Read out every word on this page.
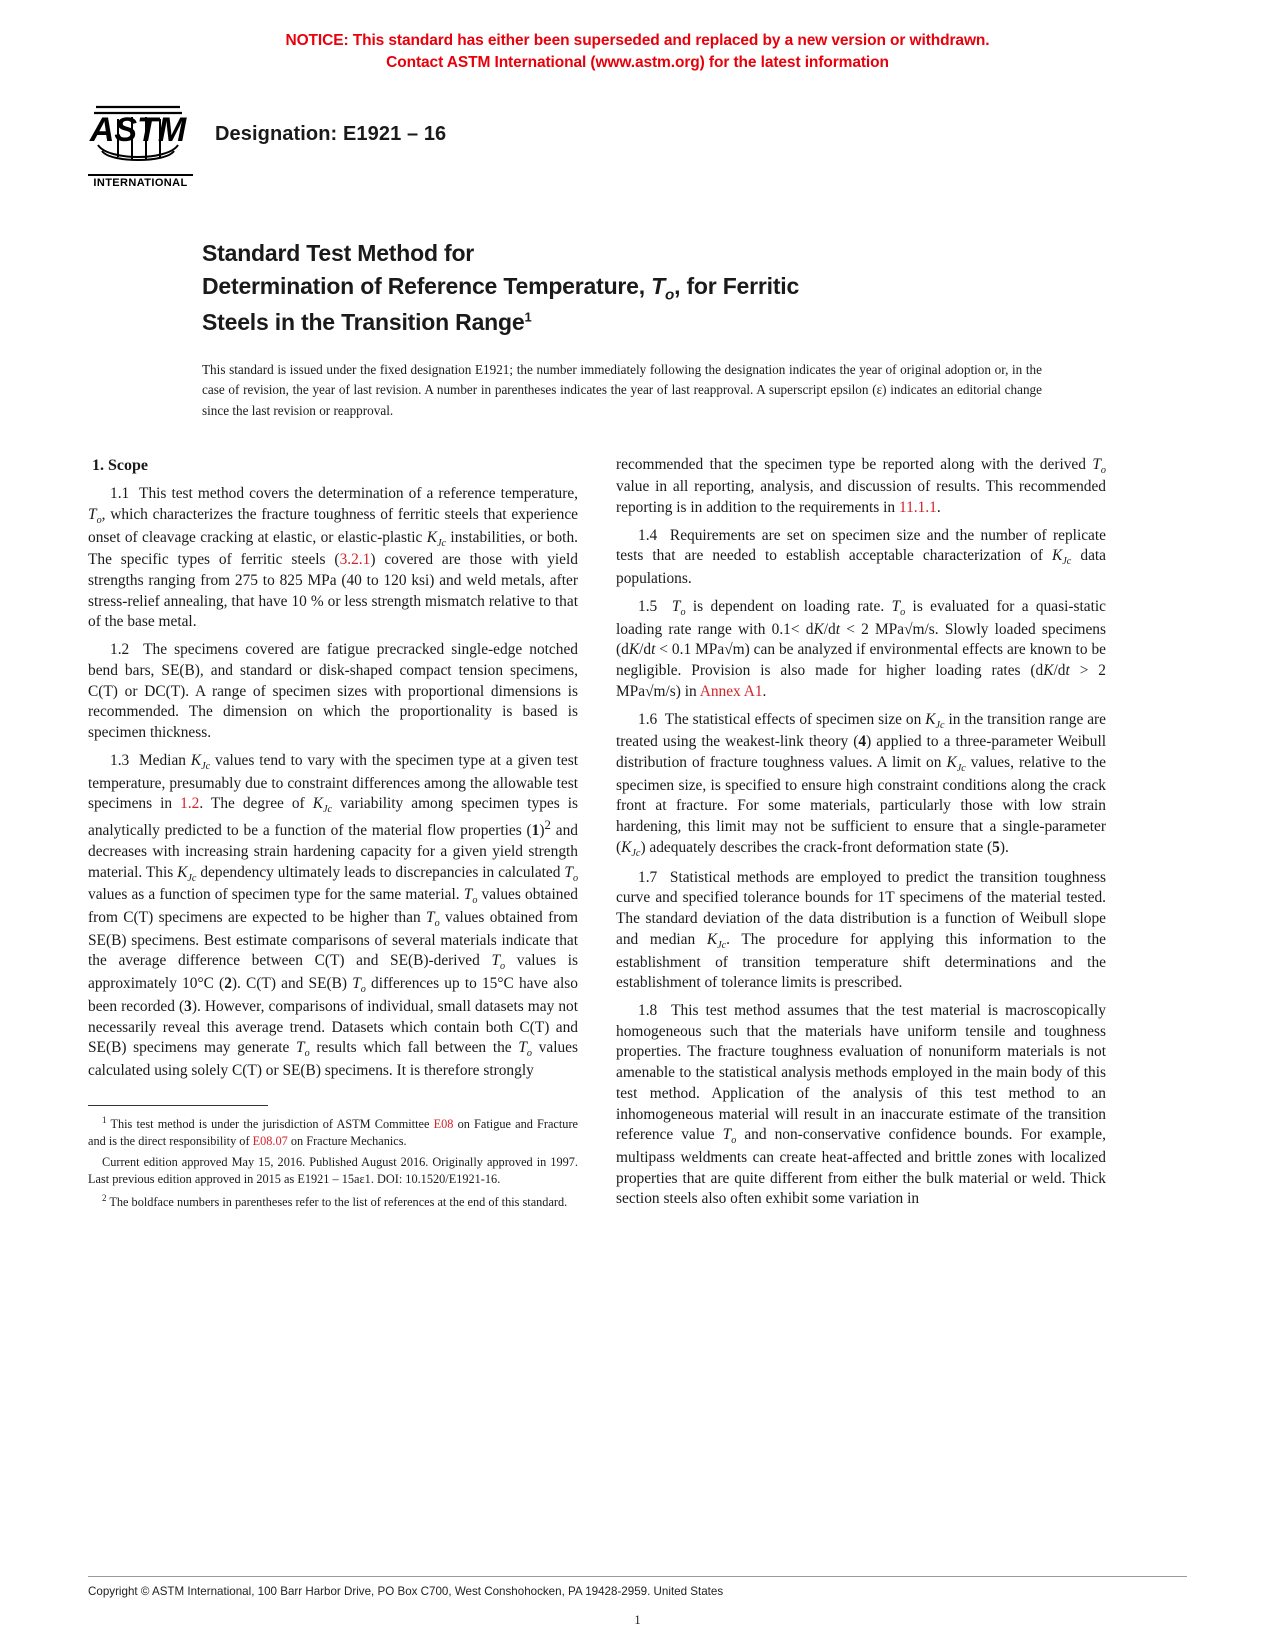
NOTICE: This standard has either been superseded and replaced by a new version or withdrawn.
Contact ASTM International (www.astm.org) for the latest information
ASTM
INTERNATIONAL
Designation: E1921 – 16
Standard Test Method for
Determination of Reference Temperature, $T_o$, for Ferritic
Steels in the Transition Range$^1$
This standard is issued under the fixed designation E1921; the number immediately following the designation indicates the year of original adoption or, in the case of revision, the year of last revision. A number in parentheses indicates the year of last reapproval. A superscript epsilon (ε) indicates an editorial change since the last revision or reapproval.
1. Scope

1.1  This test method covers the determination of a reference temperature, $T_o$, which characterizes the fracture toughness of ferritic steels that experience onset of cleavage cracking at elastic, or elastic-plastic $K_{Jc}$ instabilities, or both. The specific types of ferritic steels (3.2.1) covered are those with yield strengths ranging from 275 to 825 MPa (40 to 120 ksi) and weld metals, after stress-relief annealing, that have 10 % or less strength mismatch relative to that of the base metal.

1.2  The specimens covered are fatigue precracked single-edge notched bend bars, SE(B), and standard or disk-shaped compact tension specimens, C(T) or DC(T). A range of specimen sizes with proportional dimensions is recommended. The dimension on which the proportionality is based is specimen thickness.

1.3  Median $K_{Jc}$ values tend to vary with the specimen type at a given test temperature, presumably due to constraint differences among the allowable test specimens in 1.2. The degree of $K_{Jc}$ variability among specimen types is analytically predicted to be a function of the material flow properties $(1)^2$ and decreases with increasing strain hardening capacity for a given yield strength material. This $K_{Jc}$ dependency ultimately leads to discrepancies in calculated $T_o$ values as a function of specimen type for the same material. $T_o$ values obtained from C(T) specimens are expected to be higher than $T_o$ values obtained from SE(B) specimens. Best estimate comparisons of several materials indicate that the average difference between C(T) and SE(B)-derived $T_o$ values is approximately 10°C (2). C(T) and SE(B) $T_o$ differences up to 15°C have also been recorded (3). However, comparisons of individual, small datasets may not necessarily reveal this average trend. Datasets which contain both C(T) and SE(B) specimens may generate $T_o$ results which fall between the $T_o$ values calculated using solely C(T) or SE(B) specimens. It is therefore strongly

$^1$ This test method is under the jurisdiction of ASTM Committee E08 on Fatigue and Fracture and is the direct responsibility of E08.07 on Fracture Mechanics.

Current edition approved May 15, 2016. Published August 2016. Originally approved in 1997. Last previous edition approved in 2015 as E1921 – 15aε1. DOI: 10.1520/E1921-16.

$^2$ The boldface numbers in parentheses refer to the list of references at the end of this standard.

recommended that the specimen type be reported along with the derived $T_o$ value in all reporting, analysis, and discussion of results. This recommended reporting is in addition to the requirements in 11.1.1.

1.4  Requirements are set on specimen size and the number of replicate tests that are needed to establish acceptable characterization of $K_{Jc}$ data populations.

1.5  $T_o$ is dependent on loading rate. $T_o$ is evaluated for a quasi-static loading rate range with 0.1< dK/dt < 2 MPa√m/s. Slowly loaded specimens (dK/dt < 0.1 MPa√m) can be analyzed if environmental effects are known to be negligible. Provision is also made for higher loading rates (dK/dt > 2 MPa√m/s) in Annex A1.

1.6  The statistical effects of specimen size on $K_{Jc}$ in the transition range are treated using the weakest-link theory (4) applied to a three-parameter Weibull distribution of fracture toughness values. A limit on $K_{Jc}$ values, relative to the specimen size, is specified to ensure high constraint conditions along the crack front at fracture. For some materials, particularly those with low strain hardening, this limit may not be sufficient to ensure that a single-parameter $(K_{Jc})$ adequately describes the crack-front deformation state (5).

1.7  Statistical methods are employed to predict the transition toughness curve and specified tolerance bounds for 1T specimens of the material tested. The standard deviation of the data distribution is a function of Weibull slope and median $K_{Jc}$. The procedure for applying this information to the establishment of transition temperature shift determinations and the establishment of tolerance limits is prescribed.

1.8  This test method assumes that the test material is macroscopically homogeneous such that the materials have uniform tensile and toughness properties. The fracture toughness evaluation of nonuniform materials is not amenable to the statistical analysis methods employed in the main body of this test method. Application of the analysis of this test method to an inhomogeneous material will result in an inaccurate estimate of the transition reference value $T_o$ and non-conservative confidence bounds. For example, multipass weldments can create heat-affected and brittle zones with localized properties that are quite different from either the bulk material or weld. Thick section steels also often exhibit some variation in

Copyright © ASTM International, 100 Barr Harbor Drive, PO Box C700, West Conshohocken, PA 19428-2959. United States
1
